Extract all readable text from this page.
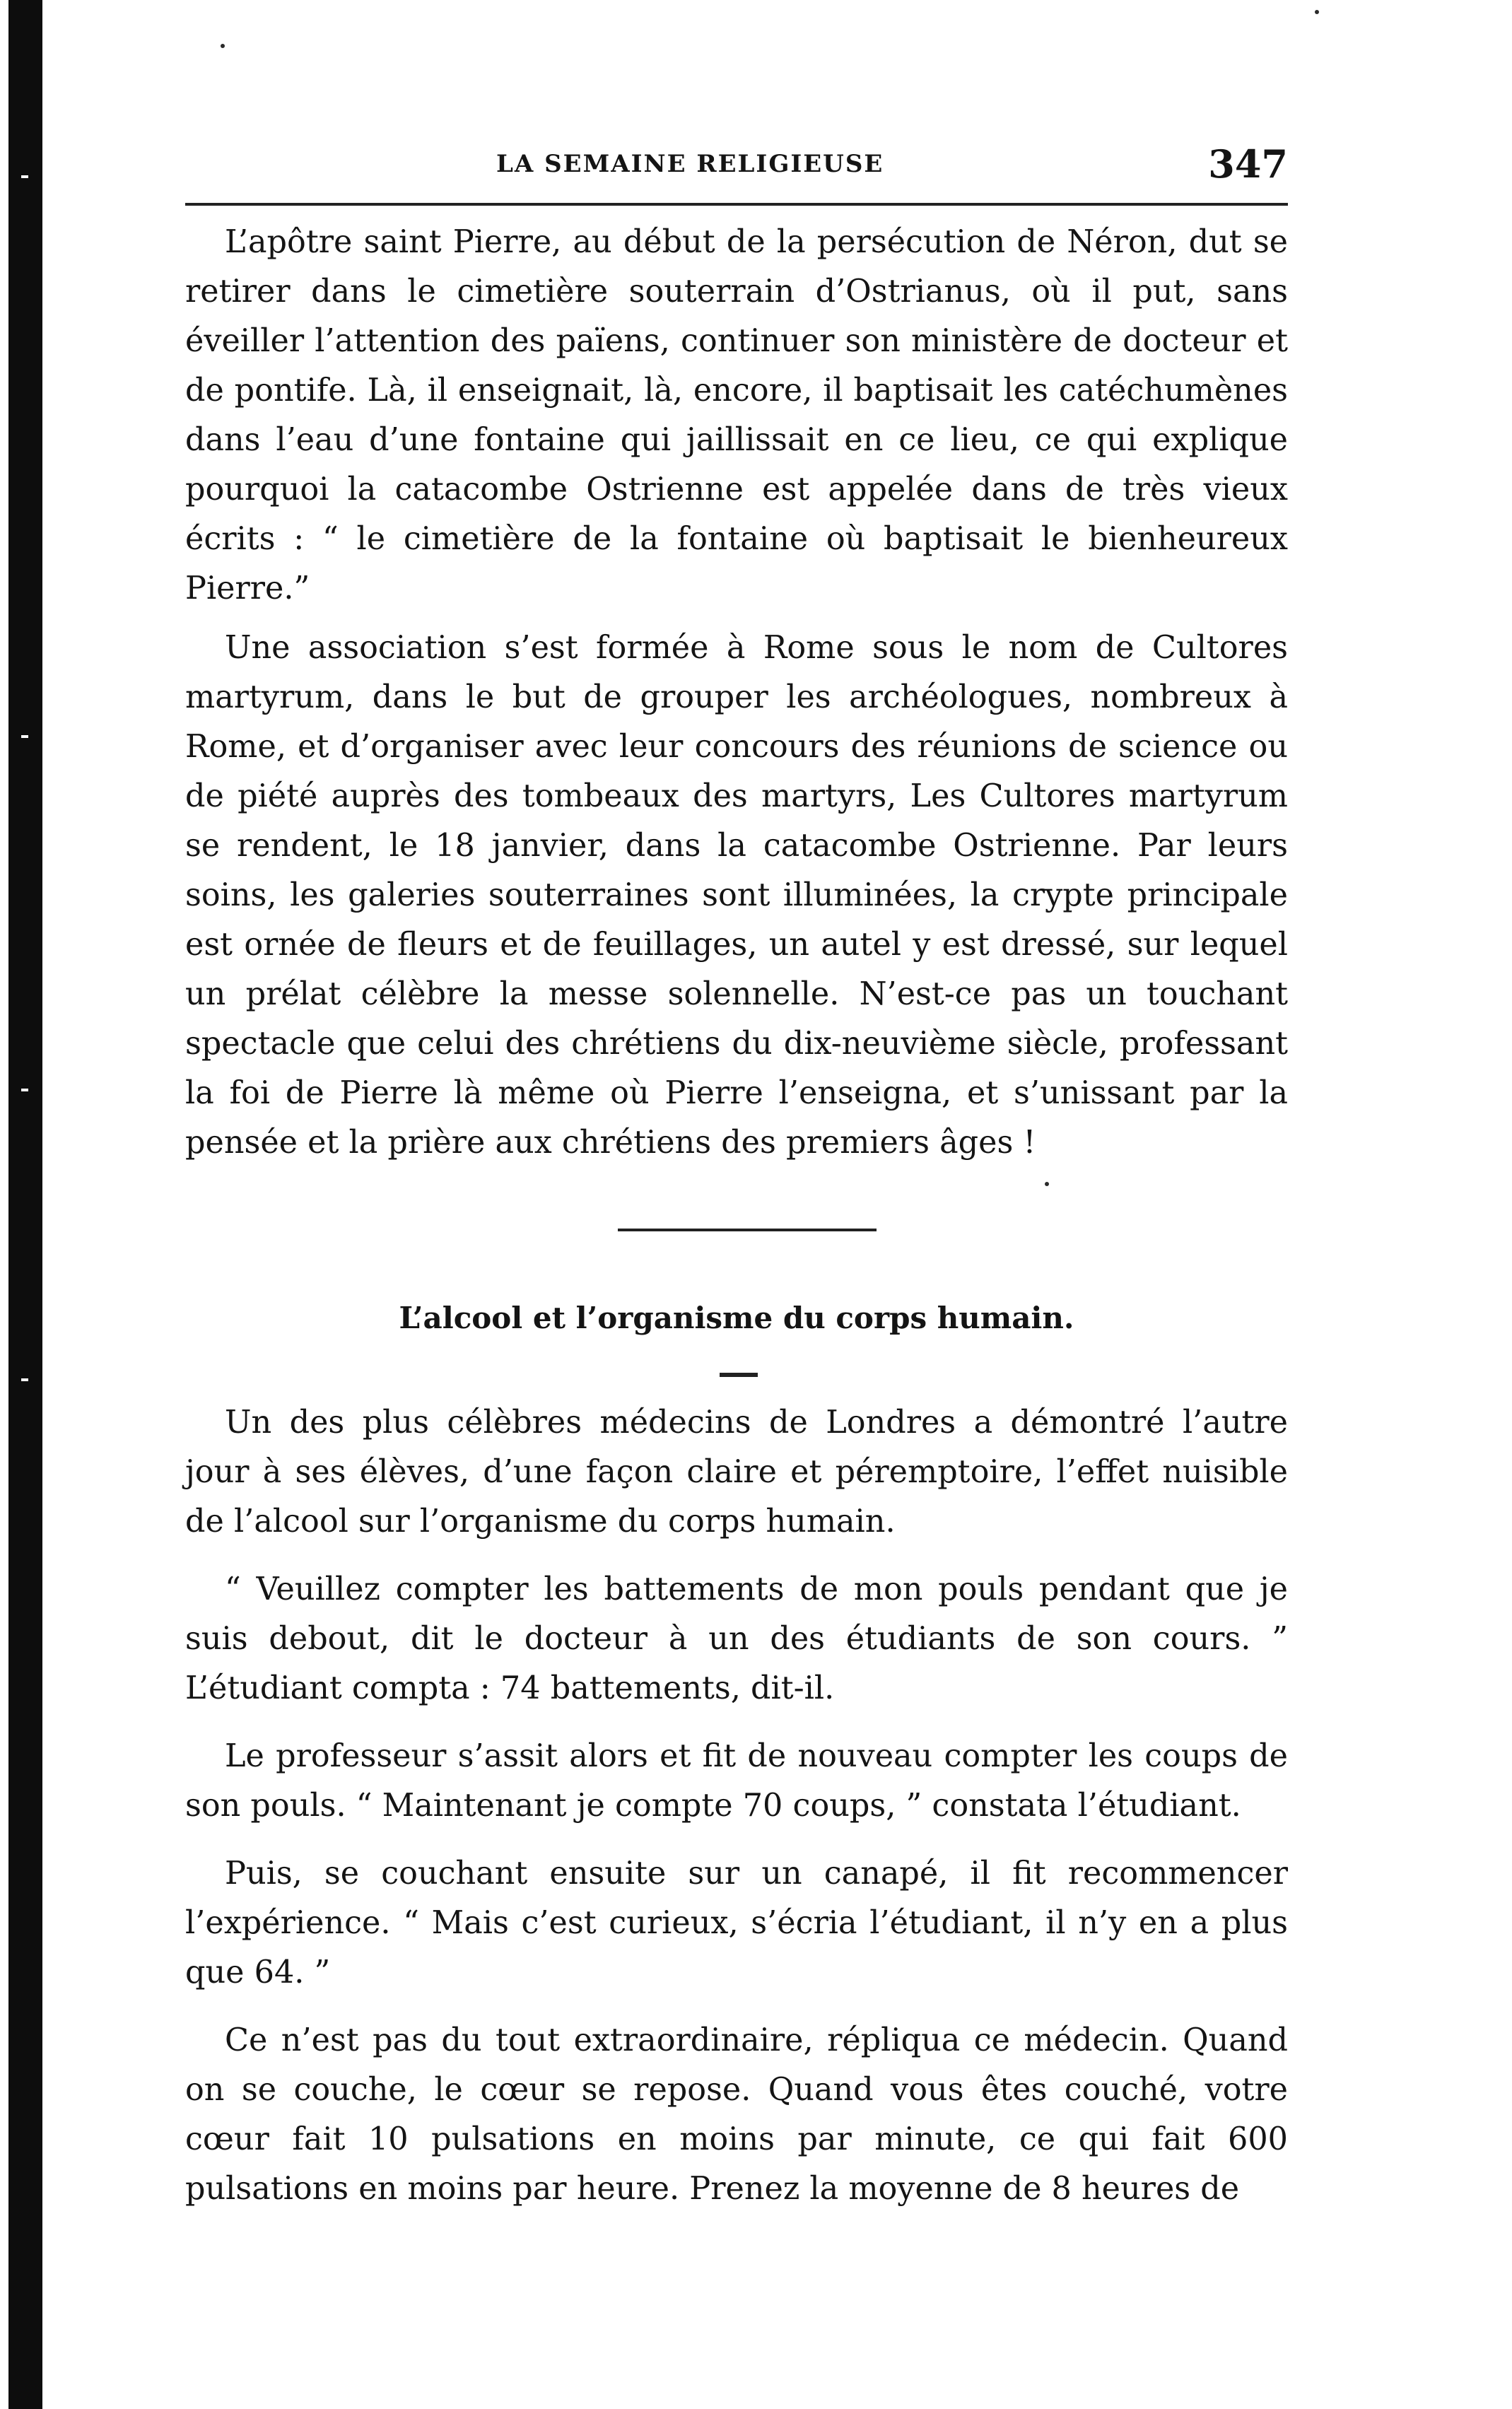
LA SEMAINE RELIGIEUSE	347

L’apôtre saint Pierre, au début de la persécution de Néron, dut se retirer dans le cimetière souterrain d’Ostrianus, où il put, sans éveiller l’attention des païens, continuer son ministère de docteur et de pontife. Là, il enseignait, là, encore, il baptisait les catéchumènes dans l’eau d’une fontaine qui jaillissait en ce lieu, ce qui explique pourquoi la catacombe Ostrienne est appelée dans de très vieux écrits : “ le cimetière de la fontaine où baptisait le bienheureux Pierre.”

Une association s’est formée à Rome sous le nom de Cultores martyrum, dans le but de grouper les archéologues, nombreux à Rome, et d’organiser avec leur concours des réunions de science ou de piété auprès des tombeaux des martyrs, Les Cultores martyrum se rendent, le 18 janvier, dans la catacombe Ostrienne. Par leurs soins, les galeries souterraines sont illuminées, la crypte principale est ornée de fleurs et de feuillages, un autel y est dressé, sur lequel un prélat célèbre la messe solennelle. N’est-ce pas un touchant spectacle que celui des chrétiens du dix-neuvième siècle, professant la foi de Pierre là même où Pierre l’enseigna, et s’unissant par la pensée et la prière aux chrétiens des premiers âges !

L’alcool et l’organisme du corps humain.

Un des plus célèbres médecins de Londres a démontré l’autre jour à ses élèves, d’une façon claire et péremptoire, l’effet nuisible de l’alcool sur l’organisme du corps humain.

“ Veuillez compter les battements de mon pouls pendant que je suis debout, dit le docteur à un des étudiants de son cours. ” L’étudiant compta : 74 battements, dit-il.

Le professeur s’assit alors et fit de nouveau compter les coups de son pouls. “ Maintenant je compte 70 coups, ” constata l’étudiant.

Puis, se couchant ensuite sur un canapé, il fit recommencer l’expérience. “ Mais c’est curieux, s’écria l’étudiant, il n’y en a plus que 64. ”

Ce n’est pas du tout extraordinaire, répliqua ce médecin. Quand on se couche, le cœur se repose. Quand vous êtes couché, votre cœur fait 10 pulsations en moins par minute, ce qui fait 600 pulsations en moins par heure. Prenez la moyenne de 8 heures de
